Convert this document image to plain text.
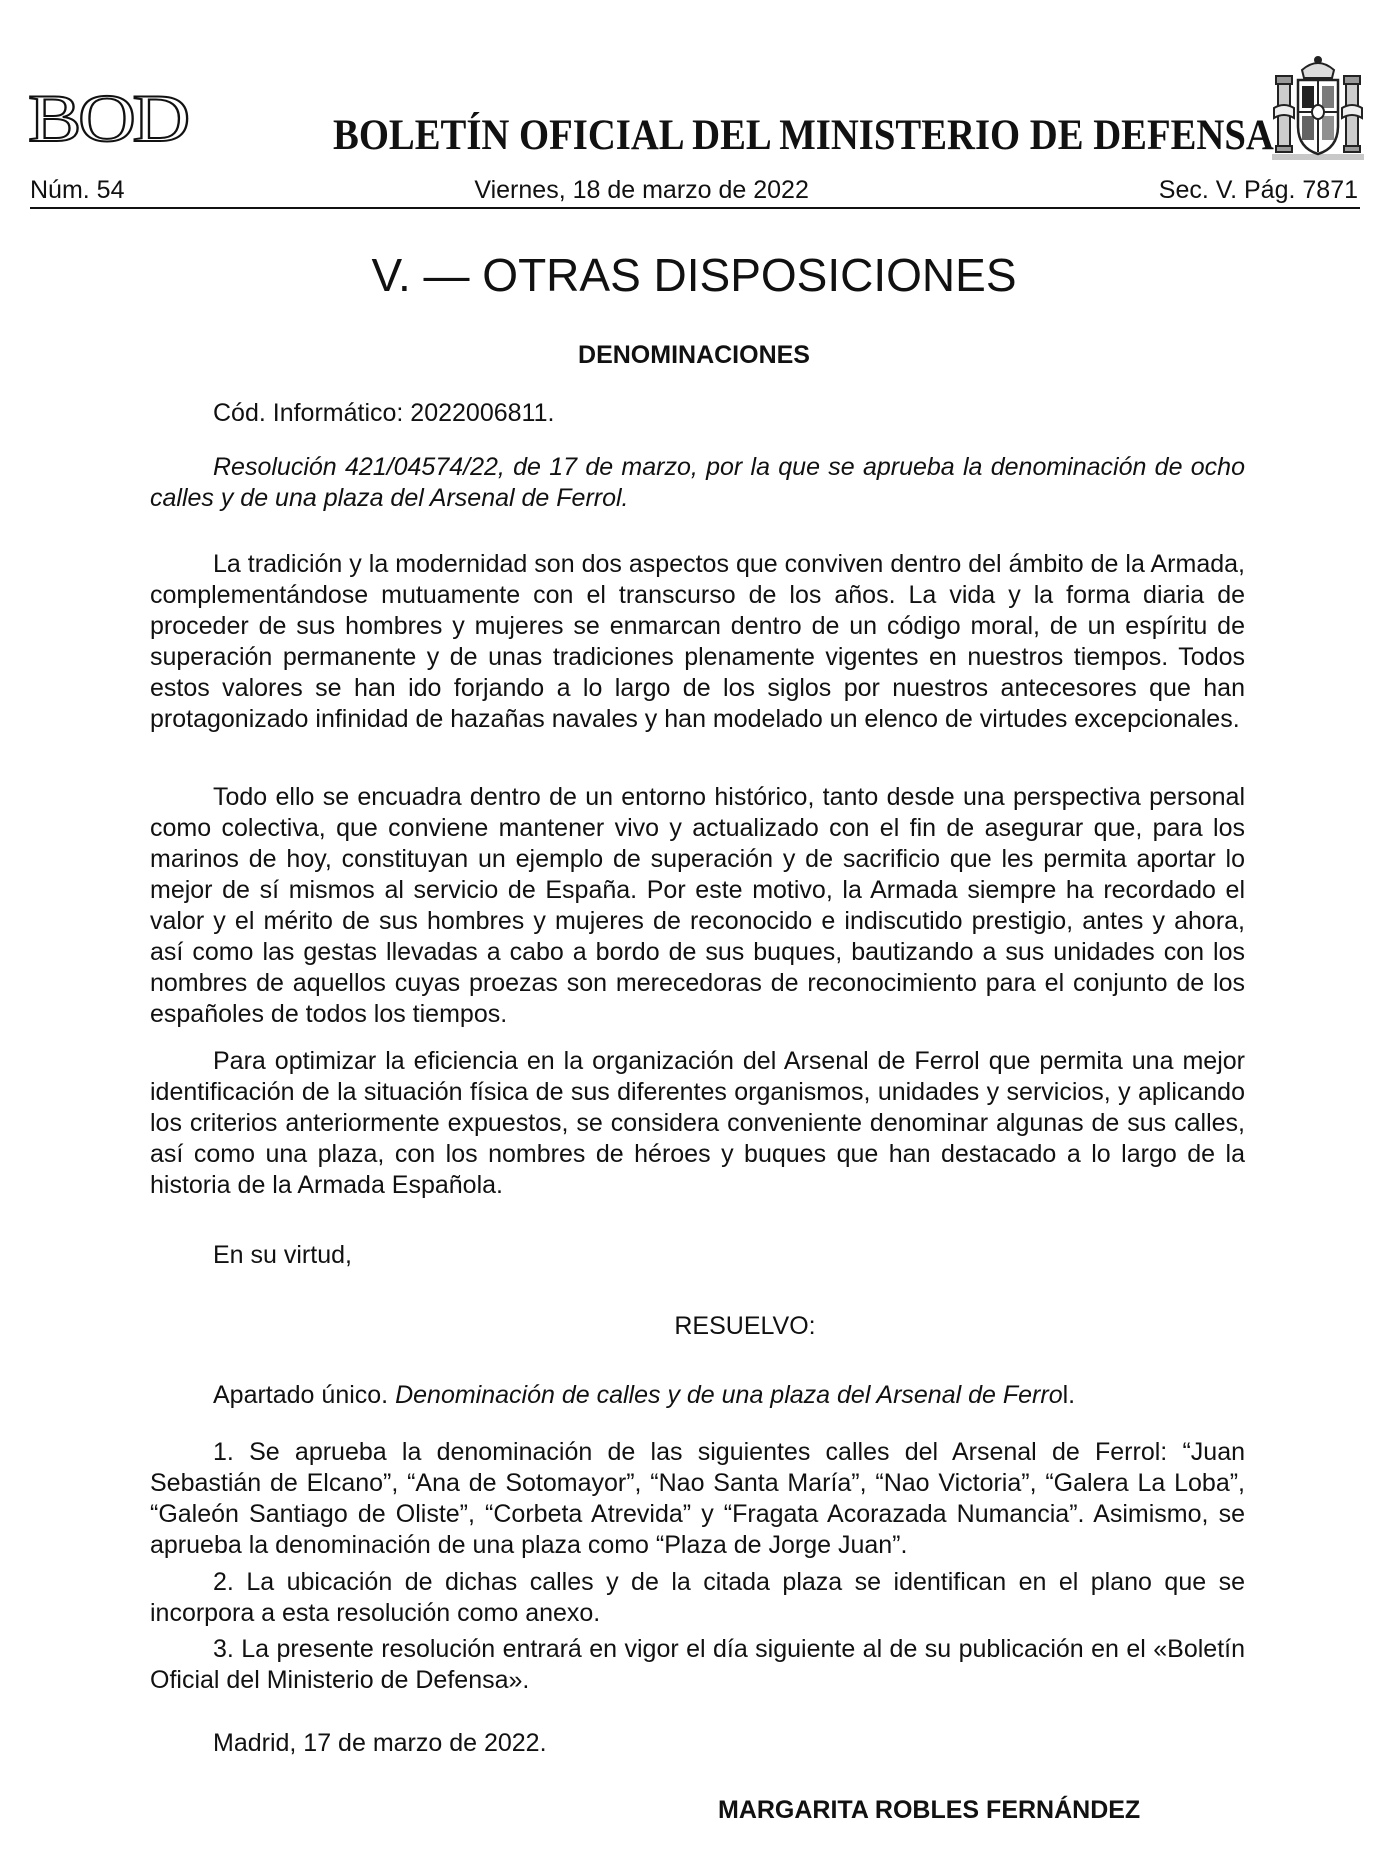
BOD	BOLETÍN OFICIAL DEL MINISTERIO DE DEFENSA
Núm. 54	Viernes, 18 de marzo de 2022	Sec. V. Pág. 7871
V. — OTRAS DISPOSICIONES
DENOMINACIONES
Cód. Informático: 2022006811.
Resolución 421/04574/22, de 17 de marzo, por la que se aprueba la denominación de ocho calles y de una plaza del Arsenal de Ferrol.
La tradición y la modernidad son dos aspectos que conviven dentro del ámbito de la Armada, complementándose mutuamente con el transcurso de los años. La vida y la forma diaria de proceder de sus hombres y mujeres se enmarcan dentro de un código moral, de un espíritu de superación permanente y de unas tradiciones plenamente vigentes en nuestros tiempos. Todos estos valores se han ido forjando a lo largo de los siglos por nuestros antecesores que han protagonizado infinidad de hazañas navales y han modelado un elenco de virtudes excepcionales.
Todo ello se encuadra dentro de un entorno histórico, tanto desde una perspectiva personal como colectiva, que conviene mantener vivo y actualizado con el fin de asegurar que, para los marinos de hoy, constituyan un ejemplo de superación y de sacrificio que les permita aportar lo mejor de sí mismos al servicio de España. Por este motivo, la Armada siempre ha recordado el valor y el mérito de sus hombres y mujeres de reconocido e indiscutido prestigio, antes y ahora, así como las gestas llevadas a cabo a bordo de sus buques, bautizando a sus unidades con los nombres de aquellos cuyas proezas son merecedoras de reconocimiento para el conjunto de los españoles de todos los tiempos.
Para optimizar la eficiencia en la organización del Arsenal de Ferrol que permita una mejor identificación de la situación física de sus diferentes organismos, unidades y servicios, y aplicando los criterios anteriormente expuestos, se considera conveniente denominar algunas de sus calles, así como una plaza, con los nombres de héroes y buques que han destacado a lo largo de la historia de la Armada Española.
En su virtud,
RESUELVO:
Apartado único. Denominación de calles y de una plaza del Arsenal de Ferrol.
1. Se aprueba la denominación de las siguientes calles del Arsenal de Ferrol: “Juan Sebastián de Elcano”, “Ana de Sotomayor”, “Nao Santa María”, “Nao Victoria”, “Galera La Loba”, “Galeón Santiago de Oliste”, “Corbeta Atrevida” y “Fragata Acorazada Numancia”. Asimismo, se aprueba la denominación de una plaza como “Plaza de Jorge Juan”.
2. La ubicación de dichas calles y de la citada plaza se identifican en el plano que se incorpora a esta resolución como anexo.
3. La presente resolución entrará en vigor el día siguiente al de su publicación en el «Boletín Oficial del Ministerio de Defensa».
Madrid, 17 de marzo de 2022.
MARGARITA ROBLES FERNÁNDEZ
